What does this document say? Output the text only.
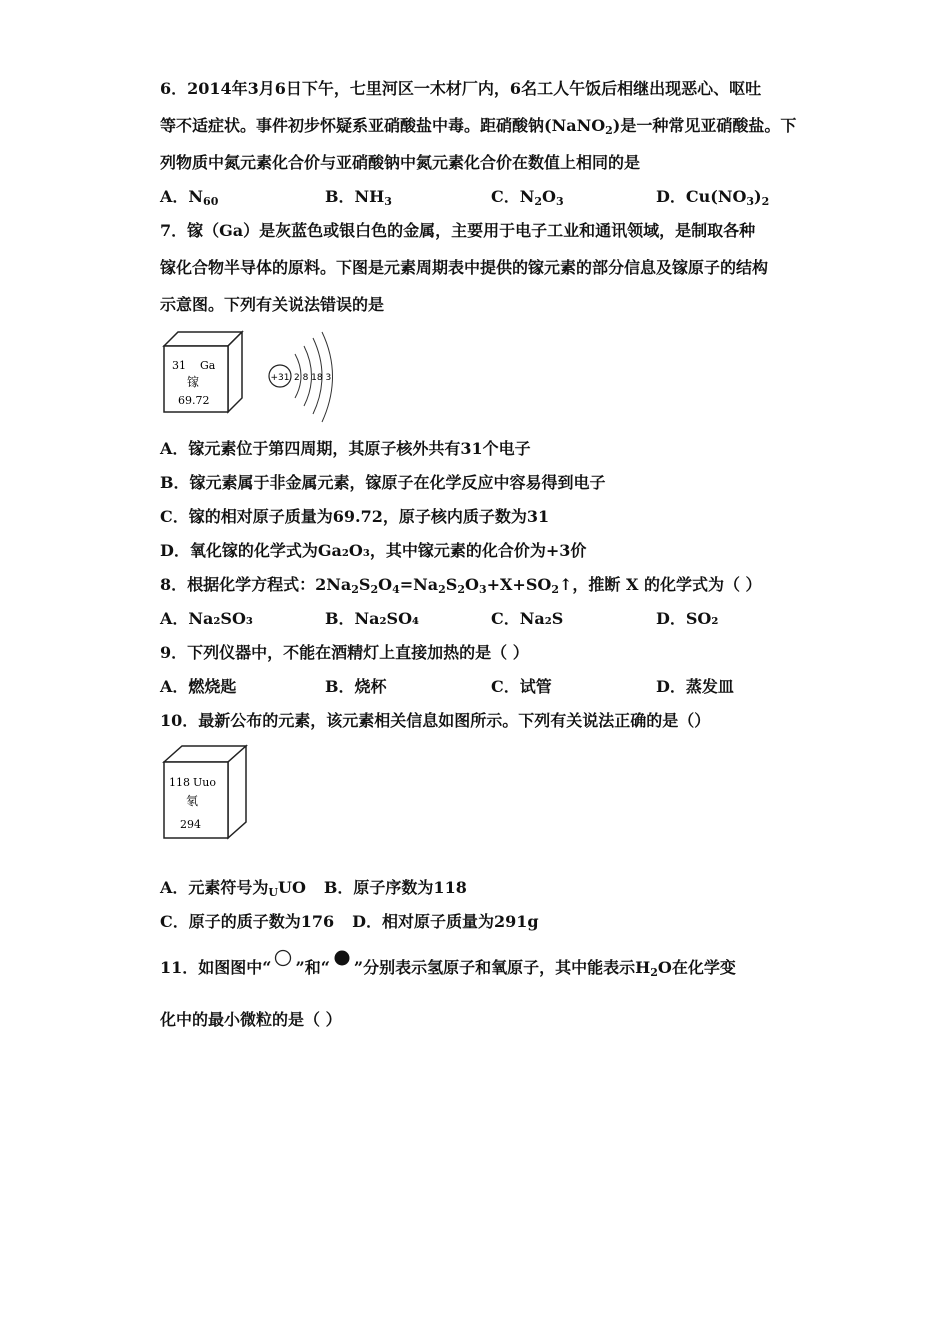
6．2014年3月6日下午，七里河区一木材厂内，6名工人午饭后相继出现恶心、呕吐
等不适症状。事件初步怀疑系亚硝酸盐中毒。距硝酸钠(NaNO$_2$)是一种常见亚硝酸盐。下
列物质中氮元素化合价与亚硝酸钠中氮元素化合价在数值上相同的是
A．$N_{60}$	B．$NH_3$	C．$N_2O_3$	D．$Cu(NO_3)_2$
7．镓（Ga）是灰蓝色或银白色的金属，主要用于电子工业和通讯领域，是制取各种
镓化合物半导体的原料。下图是元素周期表中提供的镓元素的部分信息及镓原子的结构
示意图。下列有关说法错误的是
31 Ga
镓
69.72
+31 2 8 18 3
A．镓元素位于第四周期，其原子核外共有31个电子
B．镓元素属于非金属元素，镓原子在化学反应中容易得到电子
C．镓的相对原子质量为69.72，原子核内质子数为31
D．氧化镓的化学式为Ga₂O₃，其中镓元素的化合价为+3价
8．根据化学方程式：$2Na_2S_2O_4=Na_2S_2O_3+X+SO_2↑$，推断 X 的化学式为（ ）
A．Na₂SO₃	B．Na₂SO₄	C．Na₂S	D．SO₂
9．下列仪器中，不能在酒精灯上直接加热的是（ ）
A．燃烧匙	B．烧杯	C．试管	D．蒸发皿
10．最新公布的元素，该元素相关信息如图所示。下列有关说法正确的是（）
118 Uuo
氡
294
A．元素符号为$_U$UO B．原子序数为118
C．原子的质子数为176 D．相对原子质量为291g
11．如图图中“ ”和“ ”分别表示氢原子和氧原子，其中能表示$H_2O$在化学变
化中的最小微粒的是（ ）
